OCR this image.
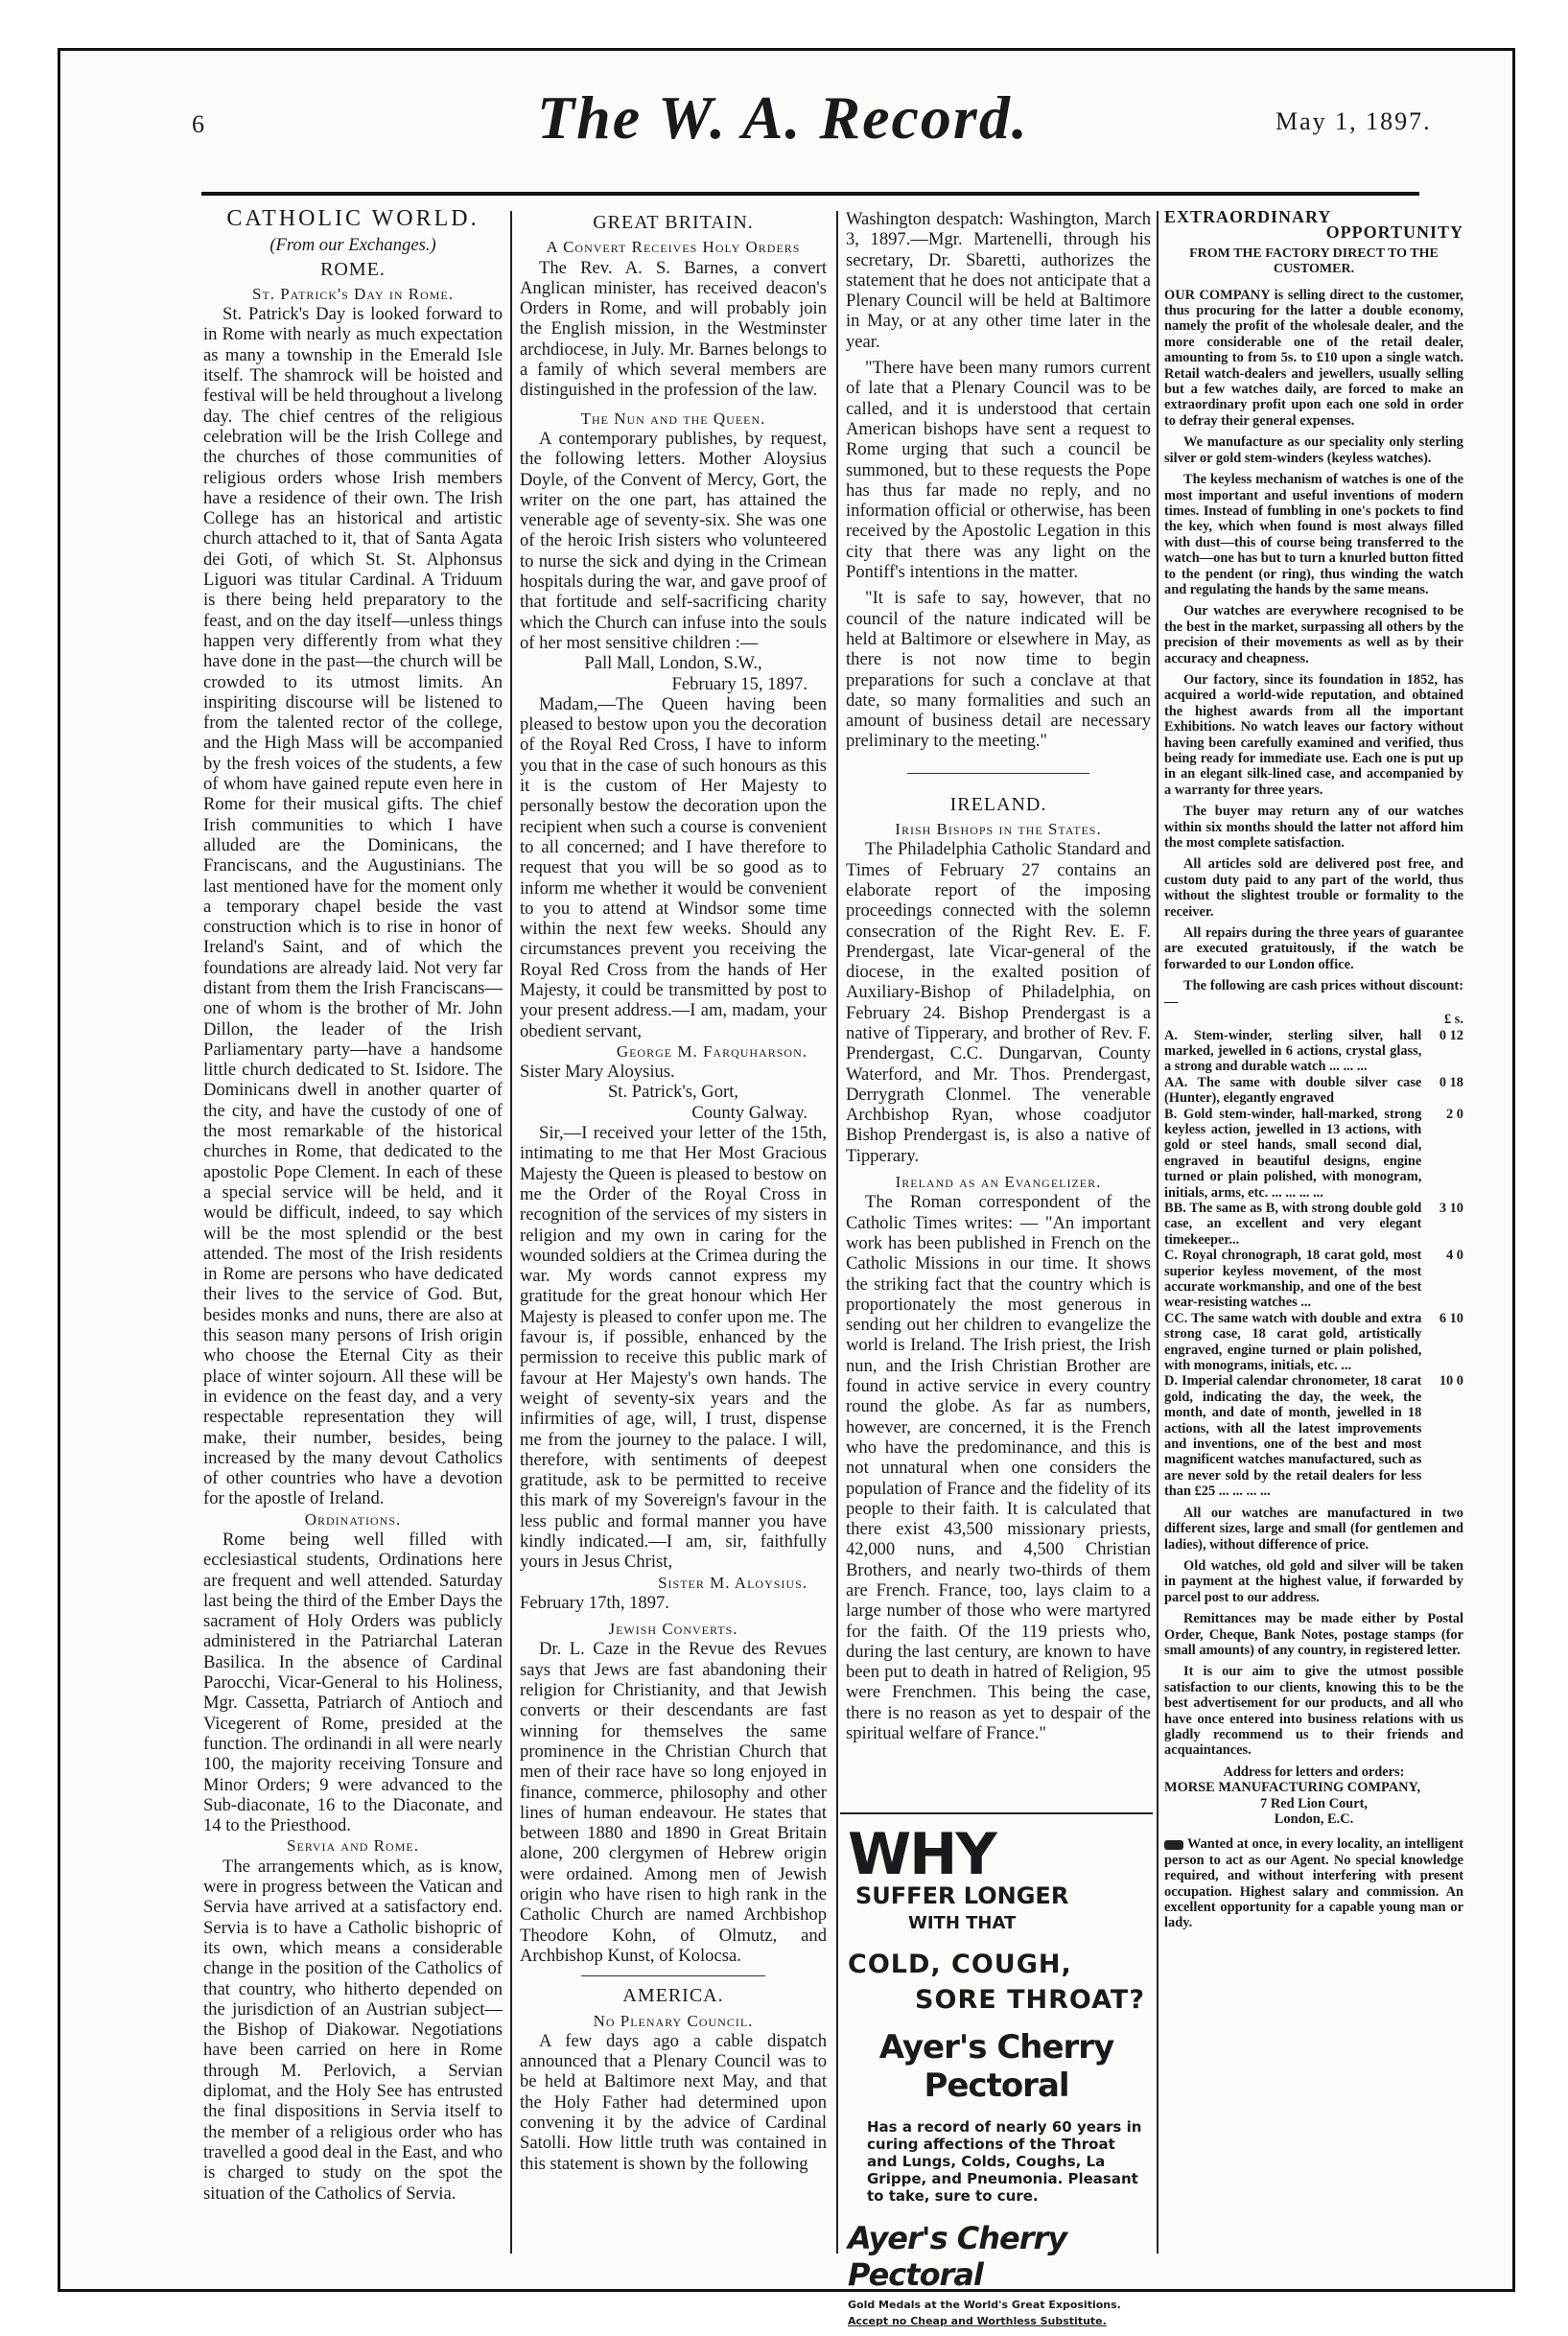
6	The W. A. Record.	May 1, 1897.
CATHOLIC WORLD.
(From our Exchanges.)
ROME.
St. Patrick's Day in Rome.

St. Patrick's Day is looked forward to in Rome with nearly as much expectation as many a township in the Emerald Isle itself. The shamrock will be hoisted and festival will be held throughout a livelong day. The chief centres of the religious celebration will be the Irish College and the churches of those communities of religious orders whose Irish members have a residence of their own. The Irish College has an historical and artistic church attached to it, that of Santa Agata dei Goti, of which St. St. Alphonsus Liguori was titular Cardinal. A Triduum is there being held preparatory to the feast, and on the day itself—unless things happen very differently from what they have done in the past—the church will be crowded to its utmost limits. An inspiriting discourse will be listened to from the talented rector of the college, and the High Mass will be accompanied by the fresh voices of the students, a few of whom have gained repute even here in Rome for their musical gifts. The chief Irish communities to which I have alluded are the Dominicans, the Franciscans, and the Augustinians. The last mentioned have for the moment only a temporary chapel beside the vast construction which is to rise in honor of Ireland's Saint, and of which the foundations are already laid. Not very far distant from them the Irish Franciscans—one of whom is the brother of Mr. John Dillon, the leader of the Irish Parliamentary party—have a handsome little church dedicated to St. Isidore. The Dominicans dwell in another quarter of the city, and have the custody of one of the most remarkable of the historical churches in Rome, that dedicated to the apostolic Pope Clement. In each of these a special service will be held, and it would be difficult, indeed, to say which will be the most splendid or the best attended. The most of the Irish residents in Rome are persons who have dedicated their lives to the service of God. But, besides monks and nuns, there are also at this season many persons of Irish origin who choose the Eternal City as their place of winter sojourn. All these will be in evidence on the feast day, and a very respectable representation they will make, their number, besides, being increased by the many devout Catholics of other countries who have a devotion for the apostle of Ireland.

Ordinations.

Rome being well filled with ecclesiastical students, Ordinations here are frequent and well attended. Saturday last being the third of the Ember Days the sacrament of Holy Orders was publicly administered in the Patriarchal Lateran Basilica. In the absence of Cardinal Parocchi, Vicar-General to his Holiness, Mgr. Cassetta, Patriarch of Antioch and Vicegerent of Rome, presided at the function. The ordinandi in all were nearly 100, the majority receiving Tonsure and Minor Orders; 9 were advanced to the Sub-diaconate, 16 to the Diaconate, and 14 to the Priesthood.

Servia and Rome.

The arrangements which, as is know, were in progress between the Vatican and Servia have arrived at a satisfactory end. Servia is to have a Catholic bishopric of its own, which means a considerable change in the position of the Catholics of that country, who hitherto depended on the jurisdiction of an Austrian subject—the Bishop of Diakowar. Negotiations have been carried on here in Rome through M. Perlovich, a Servian diplomat, and the Holy See has entrusted the final dispositions in Servia itself to the member of a religious order who has travelled a good deal in the East, and who is charged to study on the spot the situation of the Catholics of Servia.

GREAT BRITAIN.
A Convert Receives Holy Orders

The Rev. A. S. Barnes, a convert Anglican minister, has received deacon's Orders in Rome, and will probably join the English mission, in the Westminster archdiocese, in July. Mr. Barnes belongs to a family of which several members are distinguished in the profession of the law.

The Nun and the Queen.

A contemporary publishes, by request, the following letters. Mother Aloysius Doyle, of the Convent of Mercy, Gort, the writer on the one part, has attained the venerable age of seventy-six. She was one of the heroic Irish sisters who volunteered to nurse the sick and dying in the Crimean hospitals during the war, and gave proof of that fortitude and self-sacrificing charity which the Church can infuse into the souls of her most sensitive children :—

Pall Mall, London, S.W.,
February 15, 1897.

Madam,—The Queen having been pleased to bestow upon you the decoration of the Royal Red Cross, I have to inform you that in the case of such honours as this it is the custom of Her Majesty to personally bestow the decoration upon the recipient when such a course is convenient to all concerned; and I have therefore to request that you will be so good as to inform me whether it would be convenient to you to attend at Windsor some time within the next few weeks. Should any circumstances prevent you receiving the Royal Red Cross from the hands of Her Majesty, it could be transmitted by post to your present address.—I am, madam, your obedient servant,

George M. Farquharson.
Sister Mary Aloysius.
St. Patrick's, Gort,
County Galway.

Sir,—I received your letter of the 15th, intimating to me that Her Most Gracious Majesty the Queen is pleased to bestow on me the Order of the Royal Cross in recognition of the services of my sisters in religion and my own in caring for the wounded soldiers at the Crimea during the war. My words cannot express my gratitude for the great honour which Her Majesty is pleased to confer upon me. The favour is, if possible, enhanced by the permission to receive this public mark of favour at Her Majesty's own hands. The weight of seventy-six years and the infirmities of age, will, I trust, dispense me from the journey to the palace. I will, therefore, with sentiments of deepest gratitude, ask to be permitted to receive this mark of my Sovereign's favour in the less public and formal manner you have kindly indicated.—I am, sir, faithfully yours in Jesus Christ,

Sister M. Aloysius.
February 17th, 1897.
Jewish Converts.

Dr. L. Caze in the Revue des Revues says that Jews are fast abandoning their religion for Christianity, and that Jewish converts or their descendants are fast winning for themselves the same prominence in the Christian Church that men of their race have so long enjoyed in finance, commerce, philosophy and other lines of human endeavour. He states that between 1880 and 1890 in Great Britain alone, 200 clergymen of Hebrew origin were ordained. Among men of Jewish origin who have risen to high rank in the Catholic Church are named Archbishop Theodore Kohn, of Olmutz, and Archbishop Kunst, of Kolocsa.

AMERICA.
No Plenary Council.

A few days ago a cable dispatch announced that a Plenary Council was to be held at Baltimore next May, and that the Holy Father had determined upon convening it by the advice of Cardinal Satolli. How little truth was contained in this statement is shown by the following

Washington despatch: Washington, March 3, 1897.—Mgr. Martenelli, through his secretary, Dr. Sbaretti, authorizes the statement that he does not anticipate that a Plenary Council will be held at Baltimore in May, or at any other time later in the year.

"There have been many rumors current of late that a Plenary Council was to be called, and it is understood that certain American bishops have sent a request to Rome urging that such a council be summoned, but to these requests the Pope has thus far made no reply, and no information official or otherwise, has been received by the Apostolic Legation in this city that there was any light on the Pontiff's intentions in the matter.

"It is safe to say, however, that no council of the nature indicated will be held at Baltimore or elsewhere in May, as there is not now time to begin preparations for such a conclave at that date, so many formalities and such an amount of business detail are necessary preliminary to the meeting."

IRELAND.
Irish Bishops in the States.

The Philadelphia Catholic Standard and Times of February 27 contains an elaborate report of the imposing proceedings connected with the solemn consecration of the Right Rev. E. F. Prendergast, late Vicar-general of the diocese, in the exalted position of Auxiliary-Bishop of Philadelphia, on February 24. Bishop Prendergast is a native of Tipperary, and brother of Rev. F. Prendergast, C.C. Dungarvan, County Waterford, and Mr. Thos. Prendergast, Derrygrath Clonmel. The venerable Archbishop Ryan, whose coadjutor Bishop Prendergast is, is also a native of Tipperary.

Ireland as an Evangelizer.

The Roman correspondent of the Catholic Times writes: — "An important work has been published in French on the Catholic Missions in our time. It shows the striking fact that the country which is proportionately the most generous in sending out her children to evangelize the world is Ireland. The Irish priest, the Irish nun, and the Irish Christian Brother are found in active service in every country round the globe. As far as numbers, however, are concerned, it is the French who have the predominance, and this is not unnatural when one considers the population of France and the fidelity of its people to their faith. It is calculated that there exist 43,500 missionary priests, 42,000 nuns, and 4,500 Christian Brothers, and nearly two-thirds of them are French. France, too, lays claim to a large number of those who were martyred for the faith. Of the 119 priests who, during the last century, are known to have been put to death in hatred of Religion, 95 were Frenchmen. This being the case, there is no reason as yet to despair of the spiritual welfare of France."

WHY SUFFER LONGER
WITH THAT
COLD, COUGH,
SORE THROAT?
Ayer's Cherry Pectoral
Has a record of nearly 60 years in curing affections of the Throat and Lungs, Colds, Coughs, La Grippe, and Pneumonia. Pleasant to take, sure to cure.
Ayer's Cherry Pectoral
Gold Medals at the World's Great Expositions.
Accept no Cheap and Worthless Substitute.
EXTRAORDINARY
OPPORTUNITY
FROM THE FACTORY DIRECT TO THE CUSTOMER.

OUR COMPANY is selling direct to the customer, thus procuring for the latter a double economy, namely the profit of the wholesale dealer, and the more considerable one of the retail dealer, amounting to from 5s. to £10 upon a single watch. Retail watch-dealers and jewellers, usually selling but a few watches daily, are forced to make an extraordinary profit upon each one sold in order to defray their general expenses.

We manufacture as our speciality only sterling silver or gold stem-winders (keyless watches).

The keyless mechanism of watches is one of the most important and useful inventions of modern times. Instead of fumbling in one's pockets to find the key, which when found is most always filled with dust—this of course being transferred to the watch—one has but to turn a knurled button fitted to the pendent (or ring), thus winding the watch and regulating the hands by the same means.

Our watches are everywhere recognised to be the best in the market, surpassing all others by the precision of their movements as well as by their accuracy and cheapness.

Our factory, since its foundation in 1852, has acquired a world-wide reputation, and obtained the highest awards from all the important Exhibitions. No watch leaves our factory without having been carefully examined and verified, thus being ready for immediate use. Each one is put up in an elegant silk-lined case, and accompanied by a warranty for three years.

The buyer may return any of our watches within six months should the latter not afford him the most complete satisfaction.

All articles sold are delivered post free, and custom duty paid to any part of the world, thus without the slightest trouble or formality to the receiver.

All repairs during the three years of guarantee are executed gratuitously, if the watch be forwarded to our London office.

The following are cash prices without discount:—

£ s.
A. Stem-winder, sterling silver, hall marked, jewelled in 6 actions, crystal glass, a strong and durable watch ... ... ...
0 12
AA. The same with double silver case (Hunter), elegantly engraved
0 18
B. Gold stem-winder, hall-marked, strong keyless action, jewelled in 13 actions, with gold or steel hands, small second dial, engraved in beautiful designs, engine turned or plain polished, with monogram, initials, arms, etc. ... ... ... ...
2 0
BB. The same as B, with strong double gold case, an excellent and very elegant timekeeper...
3 10
C. Royal chronograph, 18 carat gold, most superior keyless movement, of the most accurate workmanship, and one of the best wear-resisting watches ...
4 0
CC. The same watch with double and extra strong case, 18 carat gold, artistically engraved, engine turned or plain polished, with monograms, initials, etc. ...
6 10
D. Imperial calendar chronometer, 18 carat gold, indicating the day, the week, the month, and date of month, jewelled in 18 actions, with all the latest improvements and inventions, one of the best and most magnificent watches manufactured, such as are never sold by the retail dealers for less than £25 ... ... ... ...
10 0

All our watches are manufactured in two different sizes, large and small (for gentlemen and ladies), without difference of price.

Old watches, old gold and silver will be taken in payment at the highest value, if forwarded by parcel post to our address.

Remittances may be made either by Postal Order, Cheque, Bank Notes, postage stamps (for small amounts) of any country, in registered letter.

It is our aim to give the utmost possible satisfaction to our clients, knowing this to be the best advertisement for our products, and all who have once entered into business relations with us gladly recommend us to their friends and acquaintances.

Address for letters and orders:
MORSE MANUFACTURING COMPANY,
7 Red Lion Court,
London, E.C.

Wanted at once, in every locality, an intelligent person to act as our Agent. No special knowledge required, and without interfering with present occupation. Highest salary and commission. An excellent opportunity for a capable young man or lady.
